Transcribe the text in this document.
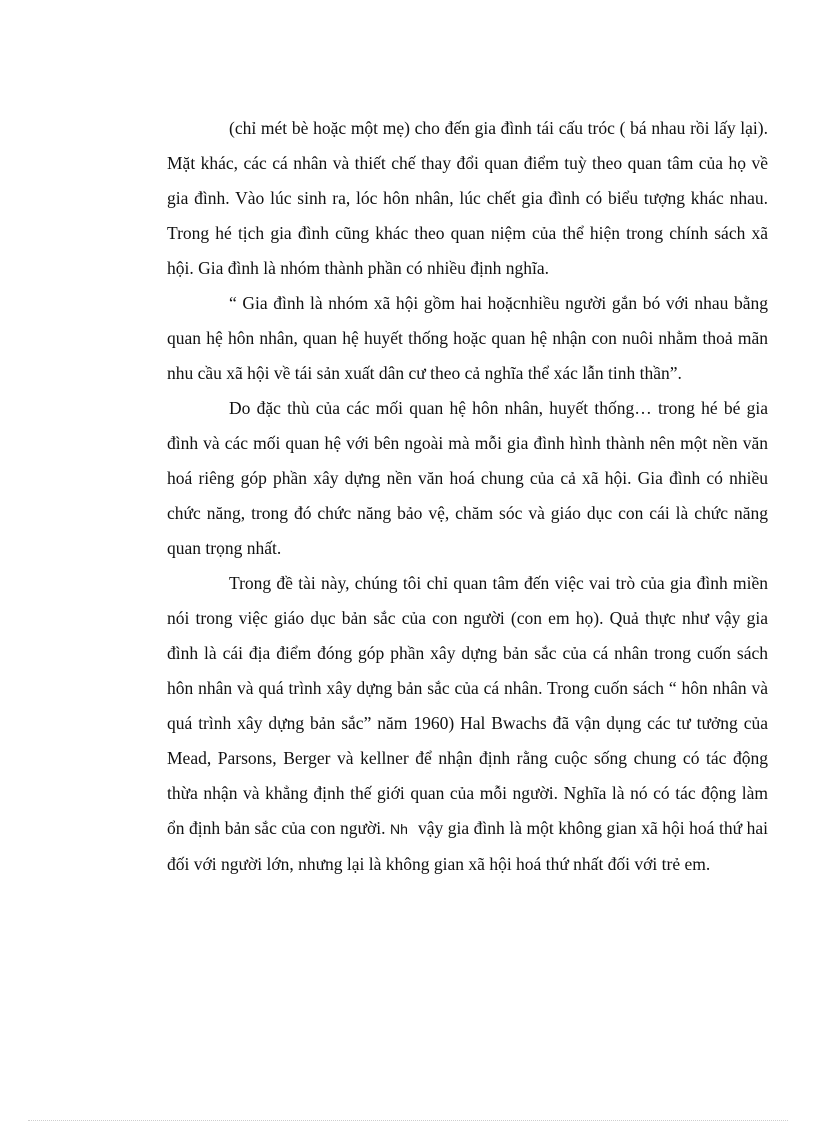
(chỉ mét bè hoặc một mẹ) cho đến gia đình tái cấu tróc ( bá nhau rồi lấy lại). Mặt khác, các cá nhân và thiết chế thay đổi quan điểm tuỳ theo quan tâm của họ về gia đình. Vào lúc sinh ra, lóc hôn nhân, lúc chết gia đình có biểu tượng khác nhau. Trong hé tịch gia đình cũng khác theo quan niệm của thể hiện trong chính sách xã hội. Gia đình là nhóm thành phần có nhiều định nghĩa.

“ Gia đình là nhóm xã hội gồm hai hoặcnhiều người gắn bó với nhau bằng quan hệ hôn nhân, quan hệ huyết thống hoặc quan hệ nhận con nuôi nhằm thoả mãn nhu cầu xã hội về tái sản xuất dân cư theo cả nghĩa thể xác lẫn tinh thần”.

Do đặc thù của các mối quan hệ hôn nhân, huyết thống… trong hé bé gia đình và các mối quan hệ với bên ngoài mà mỗi gia đình hình thành nên một nền văn hoá riêng góp phần xây dựng nền văn hoá chung của cả xã hội. Gia đình có nhiều chức năng, trong đó chức năng bảo vệ, chăm sóc và giáo dục con cái là chức năng quan trọng nhất.

Trong đề tài này, chúng tôi chỉ quan tâm đến việc vai trò của gia đình miền nói trong việc giáo dục bản sắc của con người (con em họ). Quả thực như vậy gia đình là cái địa điểm đóng góp phần xây dựng bản sắc của cá nhân trong cuốn sách hôn nhân và quá trình xây dựng bản sắc của cá nhân. Trong cuốn sách “ hôn nhân và quá trình xây dựng bản sắc” năm 1960) Hal Bwachs đã vận dụng các tư tưởng của Mead, Parsons, Berger và kellner để nhận định rằng cuộc sống chung có tác động thừa nhận và khẳng định thế giới quan của mỗi người. Nghĩa là nó có tác động làm ổn định bản sắc của con người. Nh vậy gia đình là một không gian xã hội hoá thứ hai đối với người lớn, nhưng lại là không gian xã hội hoá thứ nhất đối với trẻ em.
